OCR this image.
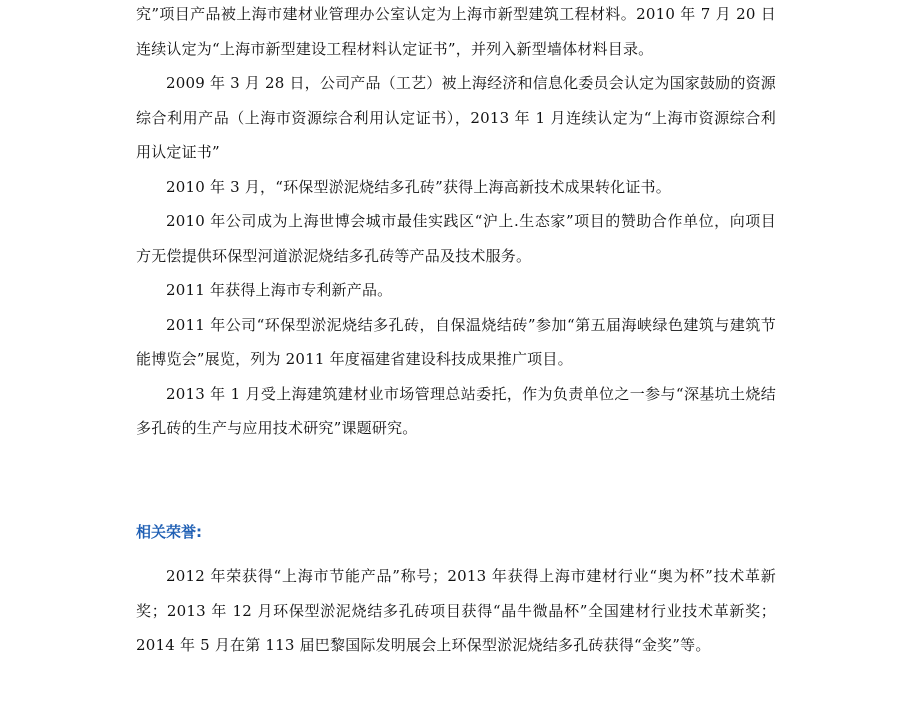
究”项目产品被上海市建材业管理办公室认定为上海市新型建筑工程材料。2010 年 7 月 20 日连续认定为“上海市新型建设工程材料认定证书”，并列入新型墙体材料目录。

2009 年 3 月 28 日，公司产品（工艺）被上海经济和信息化委员会认定为国家鼓励的资源综合利用产品（上海市资源综合利用认定证书），2013 年 1 月连续认定为“上海市资源综合利用认定证书”

2010 年 3 月，“环保型淤泥烧结多孔砖”获得上海高新技术成果转化证书。

2010 年公司成为上海世博会城市最佳实践区“沪上.生态家”项目的赞助合作单位，向项目方无偿提供环保型河道淤泥烧结多孔砖等产品及技术服务。

2011 年获得上海市专利新产品。

2011 年公司“环保型淤泥烧结多孔砖，自保温烧结砖”参加“第五届海峡绿色建筑与建筑节能博览会”展览，列为 2011 年度福建省建设科技成果推广项目。

2013 年 1 月受上海建筑建材业市场管理总站委托，作为负责单位之一参与“深基坑土烧结多孔砖的生产与应用技术研究”课题研究。

相关荣誉:

2012 年荣获得“上海市节能产品”称号；2013 年获得上海市建材行业“奥为杯”技术革新奖；2013 年 12 月环保型淤泥烧结多孔砖项目获得“晶牛微晶杯”全国建材行业技术革新奖；2014 年 5 月在第 113 届巴黎国际发明展会上环保型淤泥烧结多孔砖获得“金奖”等。
